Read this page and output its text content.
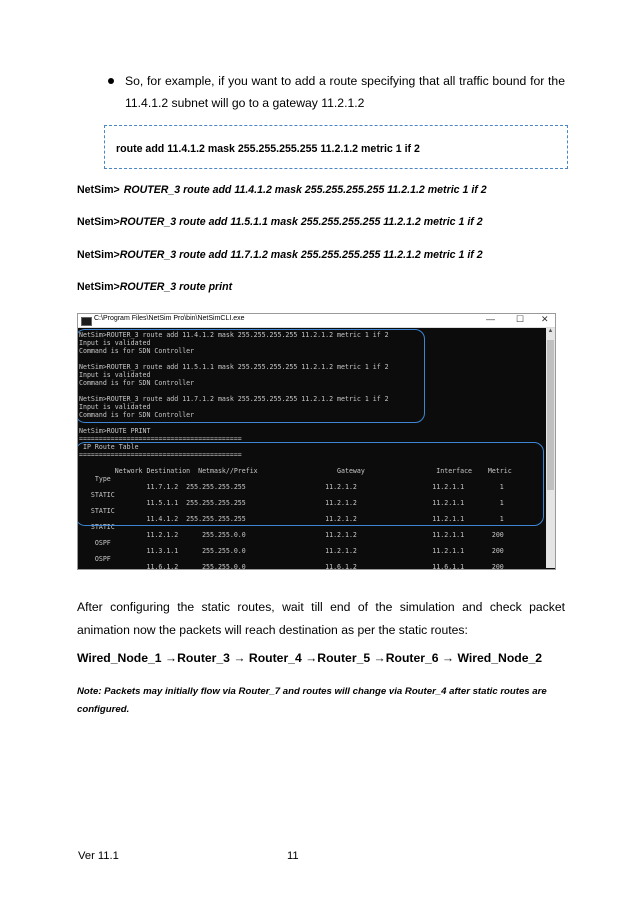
So, for example, if you want to add a route specifying that all traffic bound for the 11.4.1.2 subnet will go to a gateway 11.2.1.2
route add 11.4.1.2 mask 255.255.255.255 11.2.1.2 metric 1 if 2
NetSim> ROUTER_3 route add 11.4.1.2 mask 255.255.255.255 11.2.1.2 metric 1 if 2
NetSim>ROUTER_3 route add 11.5.1.1 mask 255.255.255.255 11.2.1.2 metric 1 if 2
NetSim>ROUTER_3 route add 11.7.1.2 mask 255.255.255.255 11.2.1.2 metric 1 if 2
NetSim>ROUTER_3 route print
C:\Program Files\NetSim Pro\bin\NetSimCLI.exe	— ☐ ✕
NetSim>ROUTER_3 route add 11.4.1.2 mask 255.255.255.255 11.2.1.2 metric 1 if 2
Input is validated
Command is for SDN Controller
NetSim>ROUTER_3 route add 11.5.1.1 mask 255.255.255.255 11.2.1.2 metric 1 if 2
Input is validated
Command is for SDN Controller
NetSim>ROUTER_3 route add 11.7.1.2 mask 255.255.255.255 11.2.1.2 metric 1 if 2
Input is validated
Command is for SDN Controller
NetSim>ROUTE PRINT
=========================================
IP Route Table
=========================================
Network Destination  Netmask//Prefix                    Gateway                  Interface    Metric
Type
11.7.1.2  255.255.255.255                    11.2.1.2                   11.2.1.1         1
STATIC
11.5.1.1  255.255.255.255                    11.2.1.2                   11.2.1.1         1
STATIC
11.4.1.2  255.255.255.255                    11.2.1.2                   11.2.1.1         1
STATIC
11.2.1.2      255.255.0.0                    11.2.1.2                   11.2.1.1       200
OSPF
11.3.1.1      255.255.0.0                    11.2.1.2                   11.2.1.1       200
OSPF
11.6.1.2      255.255.0.0                    11.6.1.2                   11.6.1.1       200
▲
After configuring the static routes, wait till end of the simulation and check packet animation now the packets will reach destination as per the static routes:
Wired_Node_1 →Router_3 → Router_4 →Router_5 →Router_6 → Wired_Node_2
Note: Packets may initially flow via Router_7 and routes will change via Router_4 after static routes are configured.
Ver 11.1	11
